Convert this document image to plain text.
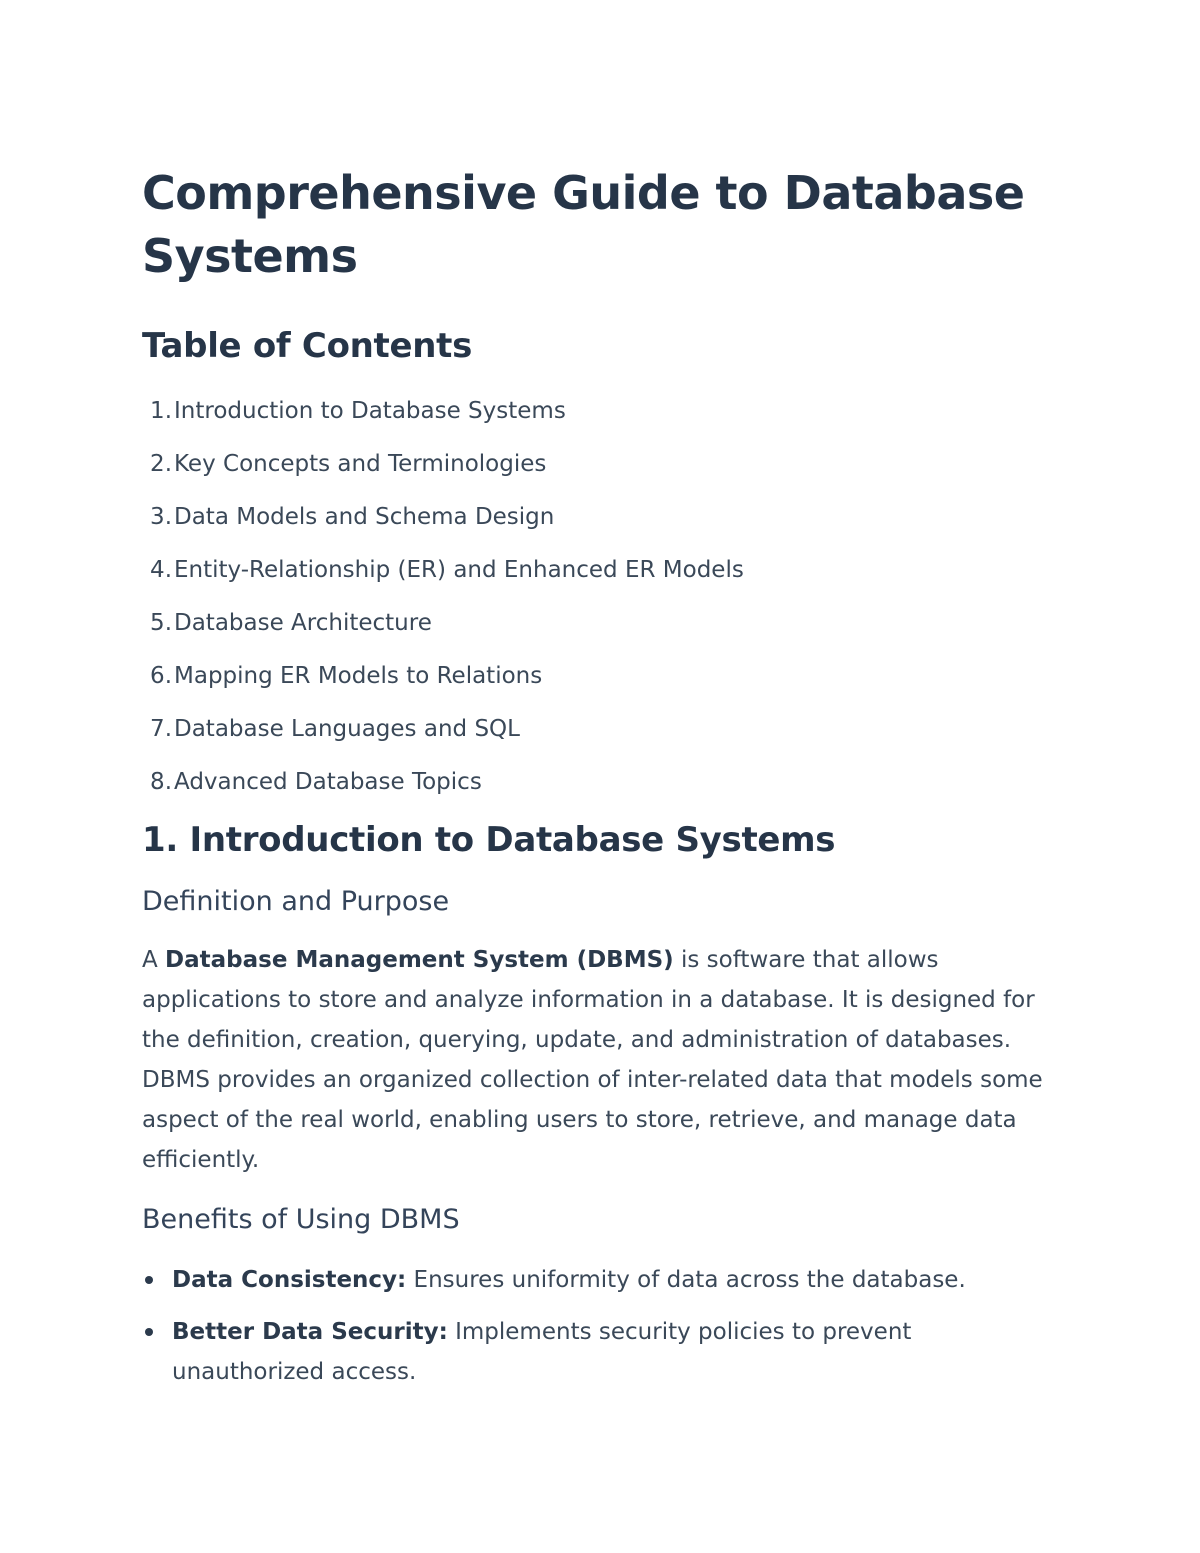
Comprehensive Guide to Database Systems
Table of Contents
1 . Introduction to Database Systems
2 . Key Concepts and Terminologies
3 . Data Models and Schema Design
4 . Entity-Relationship (ER) and Enhanced ER Models
5 . Database Architecture
6 . Mapping ER Models to Relations
7 . Database Languages and SQL
8 . Advanced Database Topics
1. Introduction to Database Systems
Definition and Purpose

A Database Management System (DBMS) is software that allows applications to store and analyze information in a database. It is designed for the definition, creation, querying, update, and administration of databases. DBMS provides an organized collection of inter-related data that models some aspect of the real world, enabling users to store, retrieve, and manage data efficiently.

Benefits of Using DBMS
Data Consistency: Ensures uniformity of data across the database.
Better Data Security: Implements security policies to prevent unauthorized access.
